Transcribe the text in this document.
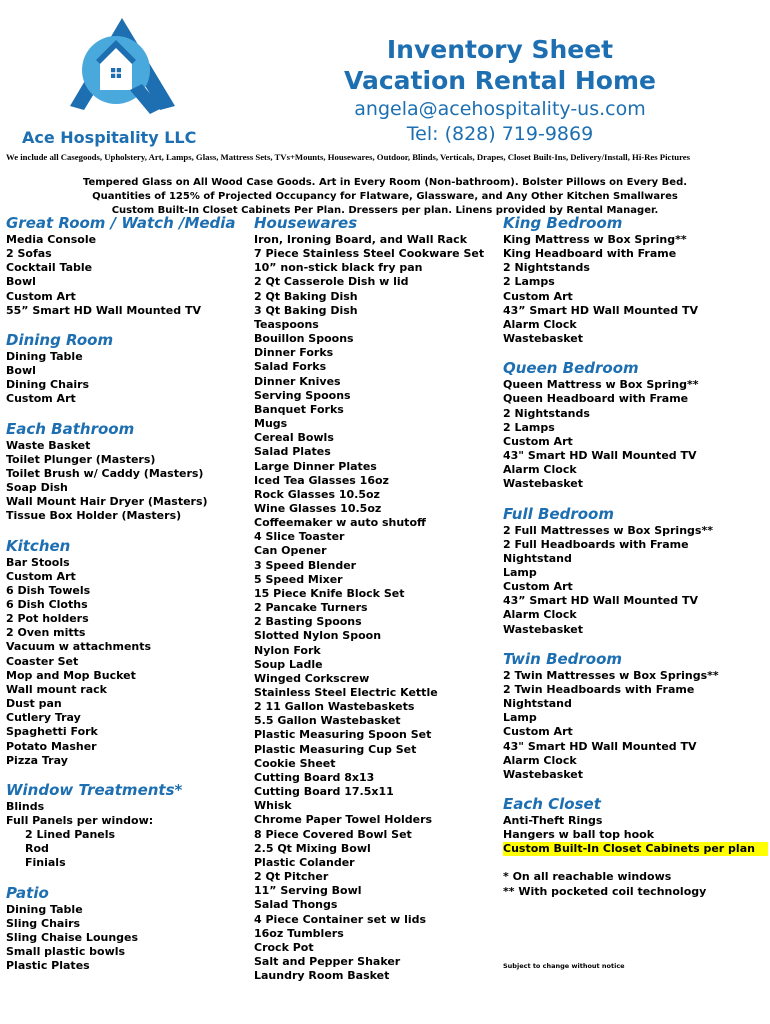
Ace Hospitality LLC
Inventory Sheet
Vacation Rental Home
angela@acehospitality-us.com
Tel: (828) 719-9869
We include all Casegoods, Upholstery, Art, Lamps, Glass, Mattress Sets, TVs+Mounts, Housewares, Outdoor, Blinds, Verticals, Drapes, Closet Built-Ins, Delivery/Install, Hi-Res Pictures
Tempered Glass on All Wood Case Goods. Art in Every Room (Non-bathroom). Bolster Pillows on Every Bed.
Quantities of 125% of Projected Occupancy for Flatware, Glassware, and Any Other Kitchen Smallwares
Custom Built-In Closet Cabinets Per Plan. Dressers per plan. Linens provided by Rental Manager.
Great Room / Watch /Media
Media Console
2 Sofas
Cocktail Table
Bowl
Custom Art
55” Smart HD Wall Mounted TV
Dining Room
Dining Table
Bowl
Dining Chairs
Custom Art
Each Bathroom
Waste Basket
Toilet Plunger (Masters)
Toilet Brush w/ Caddy (Masters)
Soap Dish
Wall Mount Hair Dryer (Masters)
Tissue Box Holder (Masters)
Kitchen
Bar Stools
Custom Art
6 Dish Towels
6 Dish Cloths
2 Pot holders
2 Oven mitts
Vacuum w attachments
Coaster Set
Mop and Mop Bucket
Wall mount rack
Dust pan
Cutlery Tray
Spaghetti Fork
Potato Masher
Pizza Tray
Window Treatments*
Blinds
Full Panels per window:
2 Lined Panels
Rod
Finials
Patio
Dining Table
Sling Chairs
Sling Chaise Lounges
Small plastic bowls
Plastic Plates
Housewares
Iron, Ironing Board, and Wall Rack
7 Piece Stainless Steel Cookware Set
10” non-stick black fry pan
2 Qt Casserole Dish w lid
2 Qt Baking Dish
3 Qt Baking Dish
Teaspoons
Bouillon Spoons
Dinner Forks
Salad Forks
Dinner Knives
Serving Spoons
Banquet Forks
Mugs
Cereal Bowls
Salad Plates
Large Dinner Plates
Iced Tea Glasses 16oz
Rock Glasses 10.5oz
Wine Glasses 10.5oz
Coffeemaker w auto shutoff
4 Slice Toaster
Can Opener
3 Speed Blender
5 Speed Mixer
15 Piece Knife Block Set
2 Pancake Turners
2 Basting Spoons
Slotted Nylon Spoon
Nylon Fork
Soup Ladle
Winged Corkscrew
Stainless Steel Electric Kettle
2 11 Gallon Wastebaskets
5.5 Gallon Wastebasket
Plastic Measuring Spoon Set
Plastic Measuring Cup Set
Cookie Sheet
Cutting Board 8x13
Cutting Board 17.5x11
Whisk
Chrome Paper Towel Holders
8 Piece Covered Bowl Set
2.5 Qt Mixing Bowl
Plastic Colander
2 Qt Pitcher
11” Serving Bowl
Salad Thongs
4 Piece Container set w lids
16oz Tumblers
Crock Pot
Salt and Pepper Shaker
Laundry Room Basket
King Bedroom
King Mattress w Box Spring**
King Headboard with Frame
2 Nightstands
2 Lamps
Custom Art
43” Smart HD Wall Mounted TV
Alarm Clock
Wastebasket
Queen Bedroom
Queen Mattress w Box Spring**
Queen Headboard with Frame
2 Nightstands
2 Lamps
Custom Art
43" Smart HD Wall Mounted TV
Alarm Clock
Wastebasket
Full Bedroom
2 Full Mattresses w Box Springs**
2 Full Headboards with Frame
Nightstand
Lamp
Custom Art
43” Smart HD Wall Mounted TV
Alarm Clock
Wastebasket
Twin Bedroom
2 Twin Mattresses w Box Springs**
2 Twin Headboards with Frame
Nightstand
Lamp
Custom Art
43" Smart HD Wall Mounted TV
Alarm Clock
Wastebasket
Each Closet
Anti-Theft Rings
Hangers w ball top hook
Custom Built-In Closet Cabinets per plan
* On all reachable windows
** With pocketed coil technology
Subject to change without notice
